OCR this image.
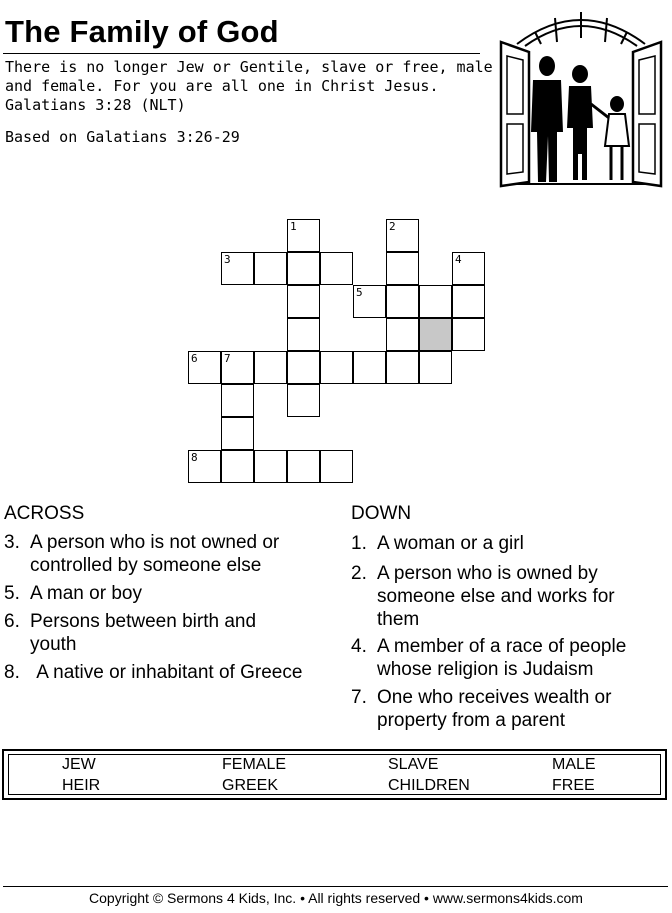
The Family of God
There is no longer Jew or Gentile, slave or free, male
and female. For you are all one in Christ Jesus.
Galatians 3:28 (NLT)
Based on Galatians 3:26-29
1	2
3	4
5
6 7
8
ACROSS
3. A person who is not owned or controlled by someone else
5. A man or boy
6. Persons between birth and youth
8. A native or inhabitant of Greece
DOWN
1. A woman or a girl
2. A person who is owned by someone else and works for them
4. A member of a race of people whose religion is Judaism
7. One who receives wealth or property from a parent
JEW	FEMALE	SLAVE	MALE
HEIR	GREEK	CHILDREN	FREE
Copyright © Sermons 4 Kids, Inc. • All rights reserved • www.sermons4kids.com
